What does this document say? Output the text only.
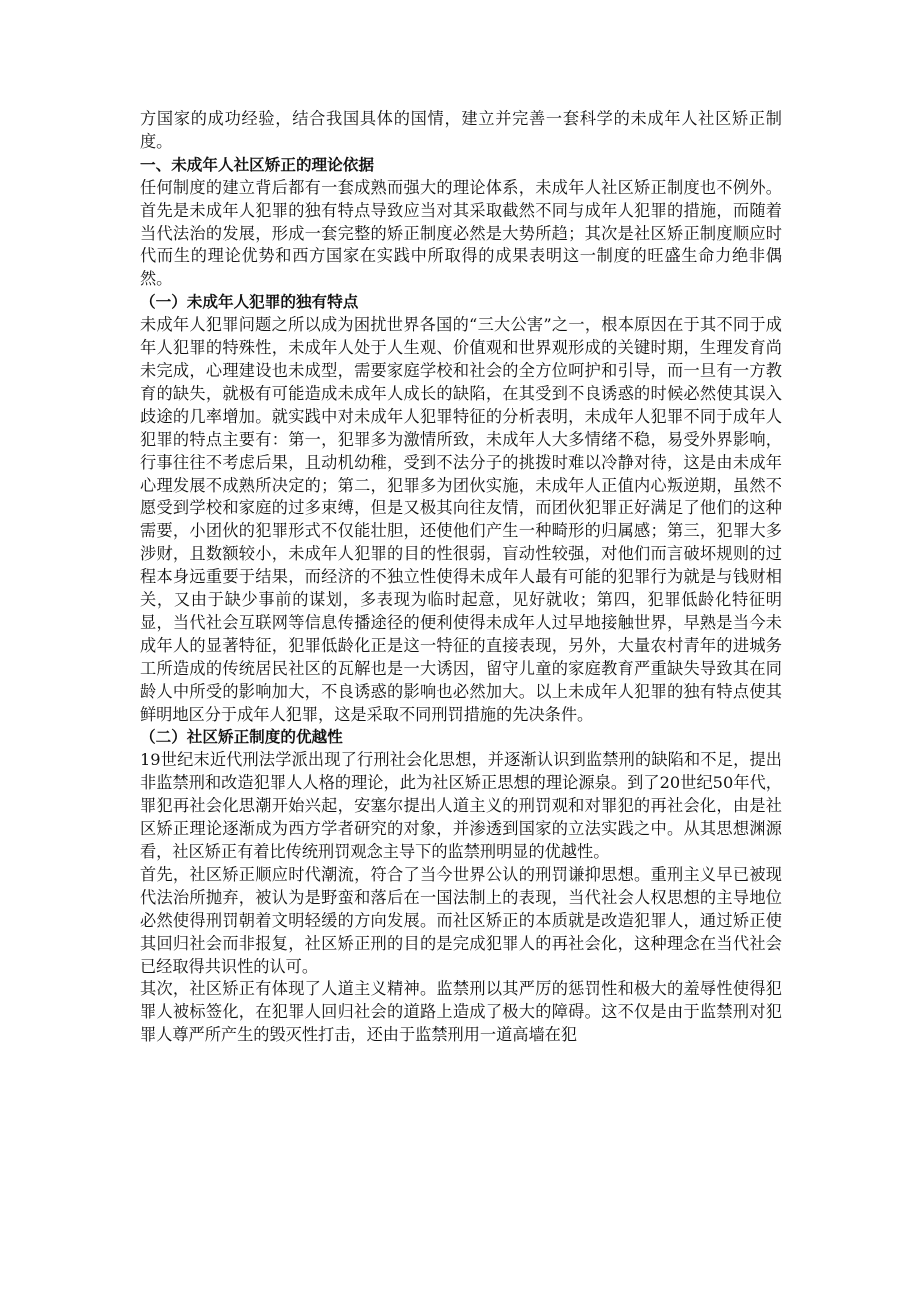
方国家的成功经验，结合我国具体的国情，建立并完善一套科学的未成年人社区矫正制度。

一、未成年人社区矫正的理论依据

任何制度的建立背后都有一套成熟而强大的理论体系，未成年人社区矫正制度也不例外。首先是未成年人犯罪的独有特点导致应当对其采取截然不同与成年人犯罪的措施，而随着当代法治的发展，形成一套完整的矫正制度必然是大势所趋；其次是社区矫正制度顺应时代而生的理论优势和西方国家在实践中所取得的成果表明这一制度的旺盛生命力绝非偶然。

（一）未成年人犯罪的独有特点

未成年人犯罪问题之所以成为困扰世界各国的“三大公害”之一，根本原因在于其不同于成年人犯罪的特殊性，未成年人处于人生观、价值观和世界观形成的关键时期，生理发育尚未完成，心理建设也未成型，需要家庭学校和社会的全方位呵护和引导，而一旦有一方教育的缺失，就极有可能造成未成年人成长的缺陷，在其受到不良诱惑的时候必然使其误入歧途的几率增加。就实践中对未成年人犯罪特征的分析表明，未成年人犯罪不同于成年人犯罪的特点主要有：第一，犯罪多为激情所致，未成年人大多情绪不稳，易受外界影响，行事往往不考虑后果，且动机幼稚，受到不法分子的挑拨时难以冷静对待，这是由未成年心理发展不成熟所决定的；第二，犯罪多为团伙实施，未成年人正值内心叛逆期，虽然不愿受到学校和家庭的过多束缚，但是又极其向往友情，而团伙犯罪正好满足了他们的这种需要，小团伙的犯罪形式不仅能壮胆，还使他们产生一种畸形的归属感；第三，犯罪大多涉财，且数额较小，未成年人犯罪的目的性很弱，盲动性较强，对他们而言破坏规则的过程本身远重要于结果，而经济的不独立性使得未成年人最有可能的犯罪行为就是与钱财相关，又由于缺少事前的谋划，多表现为临时起意，见好就收；第四，犯罪低龄化特征明显，当代社会互联网等信息传播途径的便利使得未成年人过早地接触世界，早熟是当今未成年人的显著特征，犯罪低龄化正是这一特征的直接表现，另外，大量农村青年的进城务工所造成的传统居民社区的瓦解也是一大诱因，留守儿童的家庭教育严重缺失导致其在同龄人中所受的影响加大，不良诱惑的影响也必然加大。以上未成年人犯罪的独有特点使其鲜明地区分于成年人犯罪，这是采取不同刑罚措施的先决条件。

（二）社区矫正制度的优越性

19世纪末近代刑法学派出现了行刑社会化思想，并逐渐认识到监禁刑的缺陷和不足，提出非监禁刑和改造犯罪人人格的理论，此为社区矫正思想的理论源泉。到了20世纪50年代，罪犯再社会化思潮开始兴起，安塞尔提出人道主义的刑罚观和对罪犯的再社会化，由是社区矫正理论逐渐成为西方学者研究的对象，并渗透到国家的立法实践之中。从其思想渊源看，社区矫正有着比传统刑罚观念主导下的监禁刑明显的优越性。

首先，社区矫正顺应时代潮流，符合了当今世界公认的刑罚谦抑思想。重刑主义早已被现代法治所抛弃，被认为是野蛮和落后在一国法制上的表现，当代社会人权思想的主导地位必然使得刑罚朝着文明轻缓的方向发展。而社区矫正的本质就是改造犯罪人，通过矫正使其回归社会而非报复，社区矫正刑的目的是完成犯罪人的再社会化，这种理念在当代社会已经取得共识性的认可。

其次，社区矫正有体现了人道主义精神。监禁刑以其严厉的惩罚性和极大的羞辱性使得犯罪人被标签化，在犯罪人回归社会的道路上造成了极大的障碍。这不仅是由于监禁刑对犯罪人尊严所产生的毁灭性打击，还由于监禁刑用一道高墙在犯
